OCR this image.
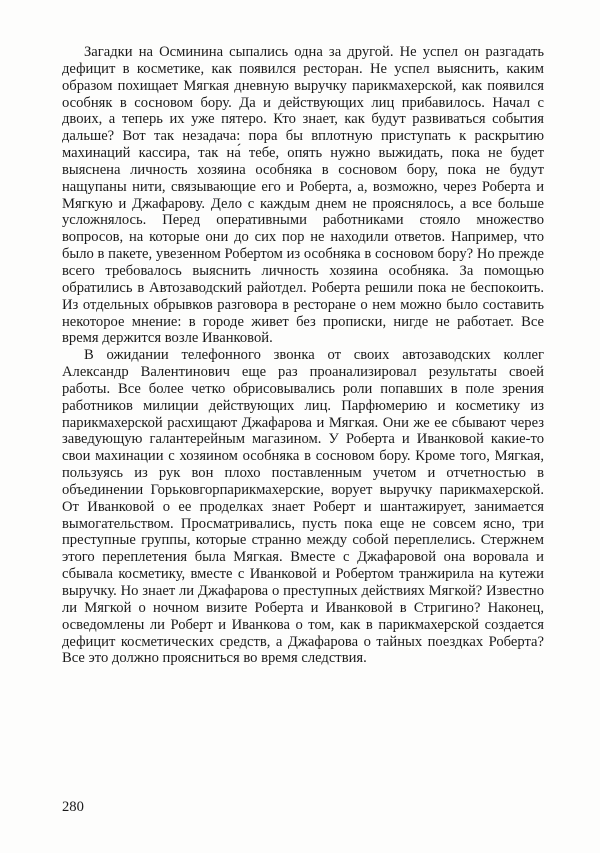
Загадки на Осминина сыпались одна за другой. Не успел он разгадать дефицит в косметике, как появился ресторан. Не успел выяснить, каким образом похищает Мягкая дневную выручку парикмахерской, как появился особняк в сосновом бору. Да и действующих лиц прибавилось. Начал с двоих, а теперь их уже пятеро. Кто знает, как будут развиваться события дальше? Вот так незадача: пора бы вплотную приступать к раскрытию махинаций кассира, так на́ тебе, опять нужно выжидать, пока не будет выяснена личность хозяина особняка в сосновом бору, пока не будут нащупаны нити, связывающие его и Роберта, а, возможно, через Роберта и Мягкую и Джафарову. Дело с каждым днем не прояснялось, а все больше усложнялось. Перед оперативными работниками стояло множество вопросов, на которые они до сих пор не находили ответов. Например, что было в пакете, увезенном Робертом из особняка в сосновом бору? Но прежде всего требовалось выяснить личность хозяина особняка. За помощью обратились в Автозаводский райотдел. Роберта решили пока не беспокоить. Из отдельных обрывков разговора в ресторане о нем можно было составить некоторое мнение: в городе живет без прописки, нигде не работает. Все время держится возле Иванковой.

В ожидании телефонного звонка от своих автозаводских коллег Александр Валентинович еще раз проанализировал результаты своей работы. Все более четко обрисовывались роли попавших в поле зрения работников милиции действующих лиц. Парфюмерию и косметику из парикмахерской расхищают Джафарова и Мягкая. Они же ее сбывают через заведующую галантерейным магазином. У Роберта и Иванковой какие-то свои махинации с хозяином особняка в сосновом бору. Кроме того, Мягкая, пользуясь из рук вон плохо поставленным учетом и отчетностью в объединении Горьковгорпарикмахерские, ворует выручку парикмахерской. От Иванковой о ее проделках знает Роберт и шантажирует, занимается вымогательством. Просматривались, пусть пока еще не совсем ясно, три преступные группы, которые странно между собой переплелись. Стержнем этого переплетения была Мягкая. Вместе с Джафаровой она воровала и сбывала косметику, вместе с Иванковой и Робертом транжирила на кутежи выручку. Но знает ли Джафарова о преступных действиях Мягкой? Известно ли Мягкой о ночном визите Роберта и Иванковой в Стригино? Наконец, осведомлены ли Роберт и Иванкова о том, как в парикмахерской создается дефицит косметических средств, а Джафарова о тайных поездках Роберта? Все это должно проясниться во время следствия.

280
